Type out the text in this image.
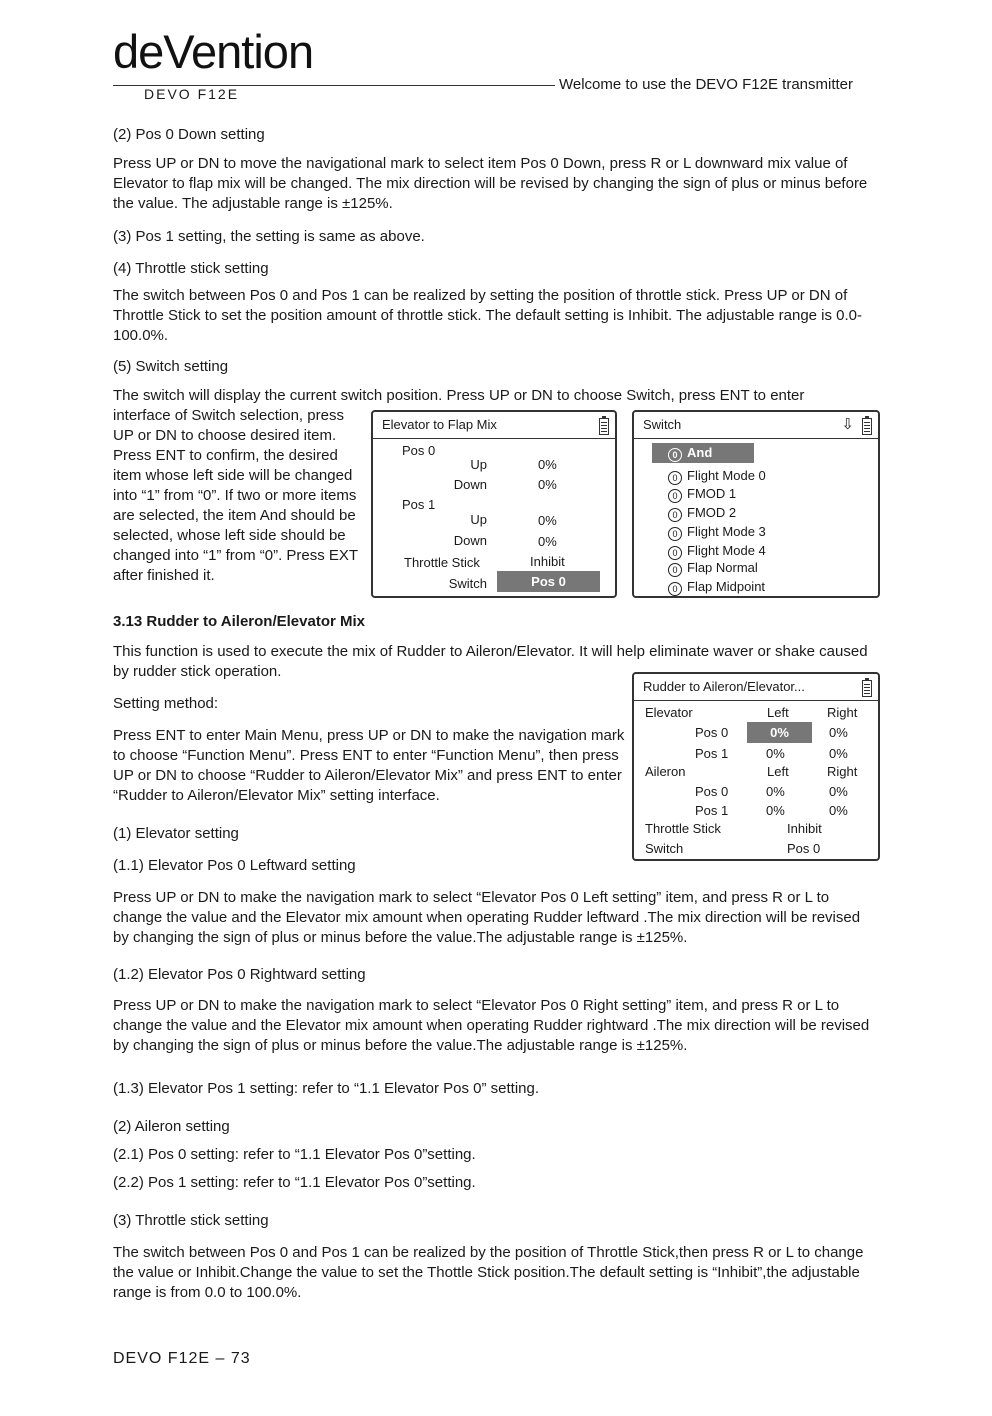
deVention
DEVO F12E
Welcome to use the DEVO F12E transmitter

(2) Pos 0 Down setting

Press UP or DN to move the navigational mark to select item Pos 0 Down, press R or L downward mix value of Elevator to flap mix will be changed. The mix direction will be revised by changing the sign of plus or minus before the value. The adjustable range is ±125%.

(3) Pos 1 setting, the setting is same as above.

(4) Throttle stick setting

The switch between Pos 0 and Pos 1 can be realized by setting the position of throttle stick. Press UP or DN of Throttle Stick to set the position amount of throttle stick. The default setting is Inhibit. The adjustable range is 0.0-100.0%.

(5) Switch setting

The switch will display the current switch position. Press UP or DN to choose Switch, press ENT to enter

interface of Switch selection, press UP or DN to choose desired item. Press ENT to confirm, the desired item whose left side will be changed into “1” from “0”. If two or more items are selected, the item And should be selected, whose left side should be changed into “1” from “0”. Press EXT after finished it.

Elevator to Flap Mix
Pos 0
Up	0%
Down	0%
Pos 1
Up	0%
Down	0%
Throttle Stick	Inhibit
Switch	Pos 0
Switch	⇩
0 And
0 Flight Mode 0
0 FMOD 1
0 FMOD 2
0 Flight Mode 3
0 Flight Mode 4
0 Flap Normal
0 Flap Midpoint

3.13 Rudder to Aileron/Elevator Mix

This function is used to execute the mix of Rudder to Aileron/Elevator. It will help eliminate waver or shake caused by rudder stick operation.

Setting method:

Press ENT to enter Main Menu, press UP or DN to make the navigation mark to choose “Function Menu”. Press ENT to enter “Function Menu”, then press UP or DN to choose “Rudder to Aileron/Elevator Mix” and press ENT to enter “Rudder to Aileron/Elevator Mix” setting interface.

(1) Elevator setting

(1.1) Elevator Pos 0 Leftward setting

Rudder to Aileron/Elevator...
Elevator	Left	Right
Pos 0	0%	0%
Pos 1	0%	0%
Aileron	Left	Right
Pos 0	0%	0%
Pos 1	0%	0%
Throttle Stick	Inhibit
Switch	Pos 0

Press UP or DN to make the navigation mark to select “Elevator Pos 0 Left setting” item, and press R or L to change the value and the Elevator mix amount when operating Rudder leftward .The mix direction will be revised by changing the sign of plus or minus before the value.The adjustable range is ±125%.

(1.2) Elevator Pos 0 Rightward setting

Press UP or DN to make the navigation mark to select “Elevator Pos 0 Right setting” item, and press R or L to change the value and the Elevator mix amount when operating Rudder rightward .The mix direction will be revised by changing the sign of plus or minus before the value.The adjustable range is ±125%.

(1.3) Elevator Pos 1 setting: refer to “1.1 Elevator Pos 0” setting.

(2) Aileron setting

(2.1) Pos 0 setting: refer to “1.1 Elevator Pos 0”setting.

(2.2) Pos 1 setting: refer to “1.1 Elevator Pos 0”setting.

(3) Throttle stick setting

The switch between Pos 0 and Pos 1 can be realized by the position of Throttle Stick,then press R or L to change the value or Inhibit.Change the value to set the Thottle Stick position.The default setting is “Inhibit”,the adjustable range is from 0.0 to 100.0%.

DEVO F12E – 73
